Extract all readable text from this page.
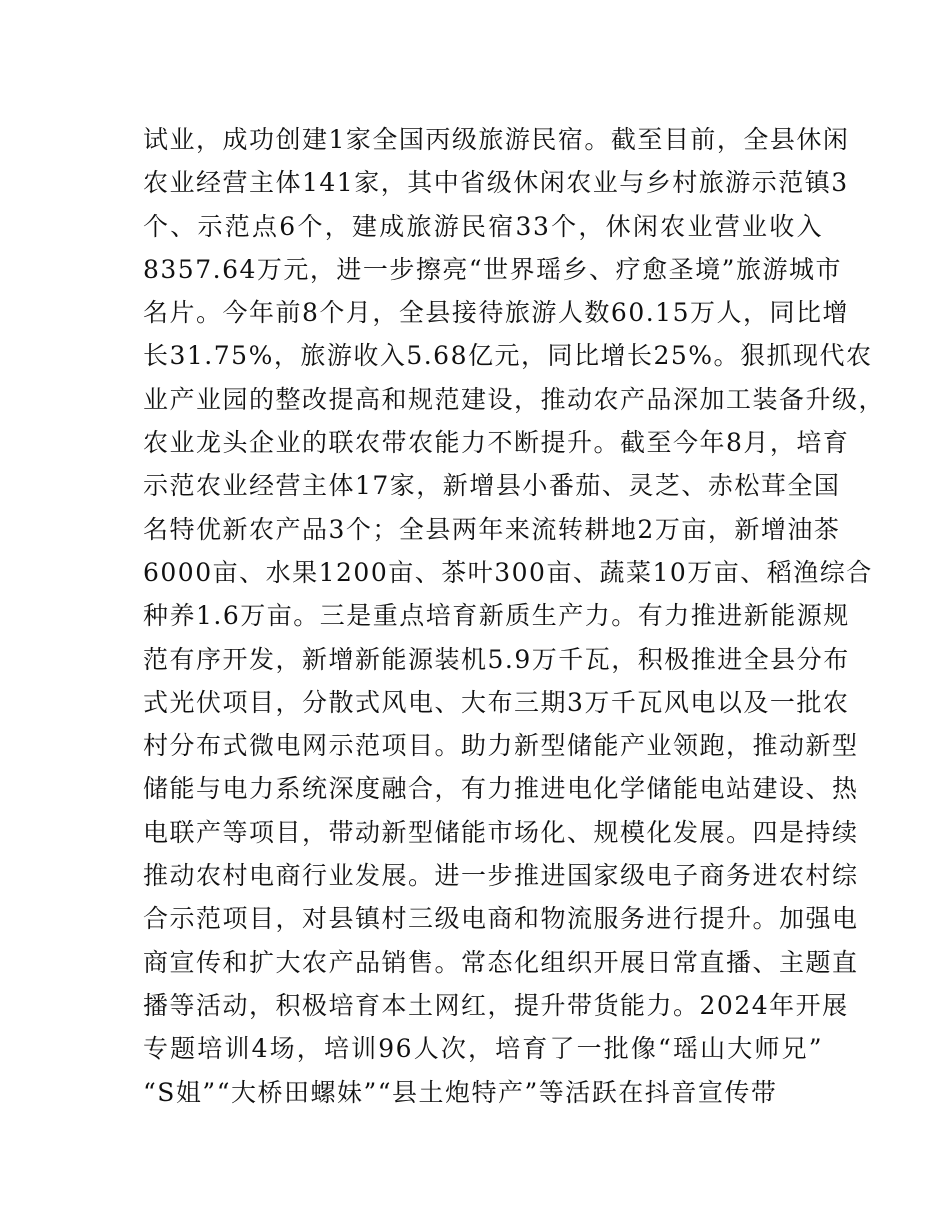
试业，成功创建1家全国丙级旅游民宿。截至目前，全县休闲
农业经营主体141家，其中省级休闲农业与乡村旅游示范镇3
个、示范点6个，建成旅游民宿33个，休闲农业营业收入
8357.64万元，进一步擦亮“世界瑶乡、疗愈圣境”旅游城市
名片。今年前8个月，全县接待旅游人数60.15万人，同比增
长31.75%，旅游收入5.68亿元，同比增长25%。狠抓现代农
业产业园的整改提高和规范建设，推动农产品深加工装备升级，
农业龙头企业的联农带农能力不断提升。截至今年8月，培育
示范农业经营主体17家，新增县小番茄、灵芝、赤松茸全国
名特优新农产品3个；全县两年来流转耕地2万亩，新增油茶
6000亩、水果1200亩、茶叶300亩、蔬菜10万亩、稻渔综合
种养1.6万亩。三是重点培育新质生产力。有力推进新能源规
范有序开发，新增新能源装机5.9万千瓦，积极推进全县分布
式光伏项目，分散式风电、大布三期3万千瓦风电以及一批农
村分布式微电网示范项目。助力新型储能产业领跑，推动新型
储能与电力系统深度融合，有力推进电化学储能电站建设、热
电联产等项目，带动新型储能市场化、规模化发展。四是持续
推动农村电商行业发展。进一步推进国家级电子商务进农村综
合示范项目，对县镇村三级电商和物流服务进行提升。加强电
商宣传和扩大农产品销售。常态化组织开展日常直播、主题直
播等活动，积极培育本土网红，提升带货能力。2024年开展
专题培训4场，培训96人次，培育了一批像“瑶山大师兄”
“S姐”“大桥田螺妹”“县土炮特产”等活跃在抖音宣传带
